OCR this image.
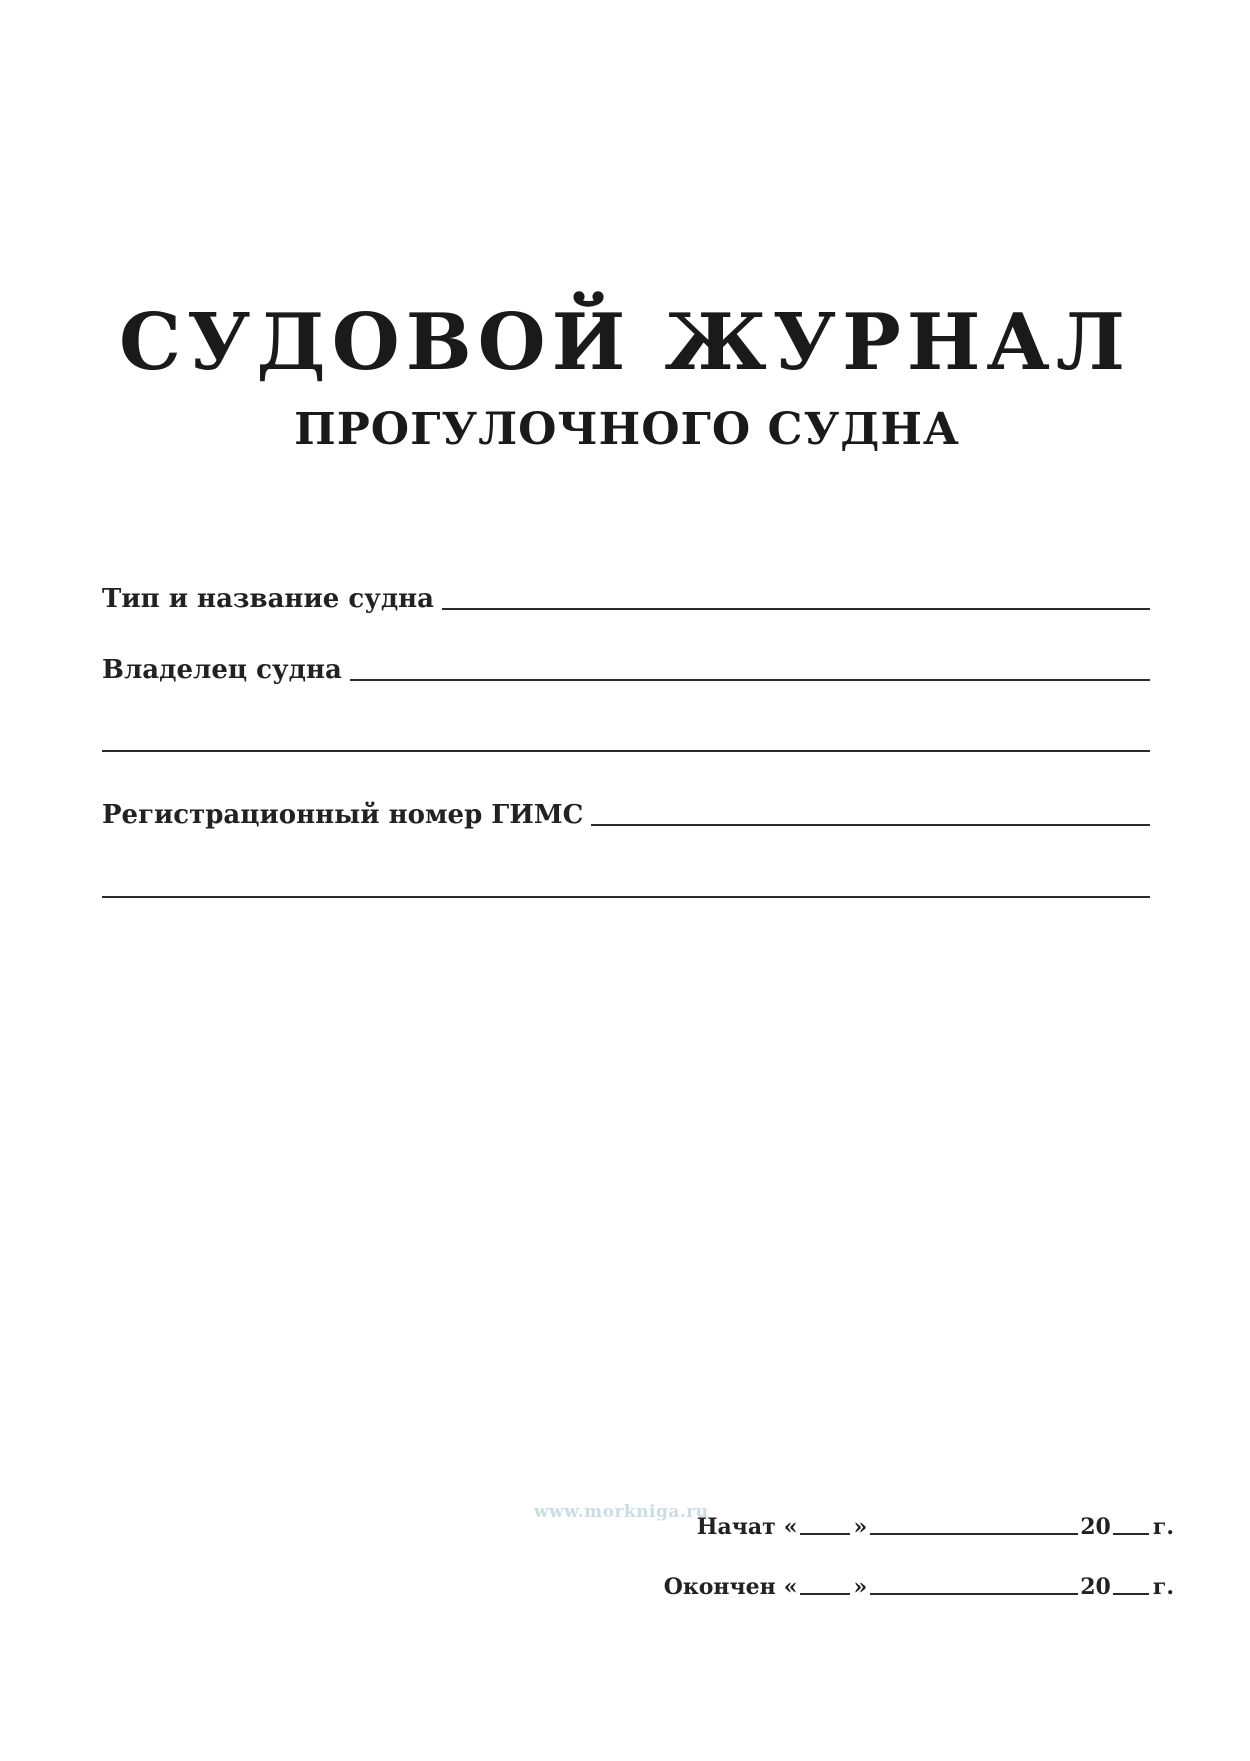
СУДОВОЙ ЖУРНАЛ
ПРОГУЛОЧНОГО СУДНА
Тип и название судна
Владелец судна
Регистрационный номер ГИМС
www.morkniga.ru
Начат «	»	20 г.
Окончен «	»	20 г.
